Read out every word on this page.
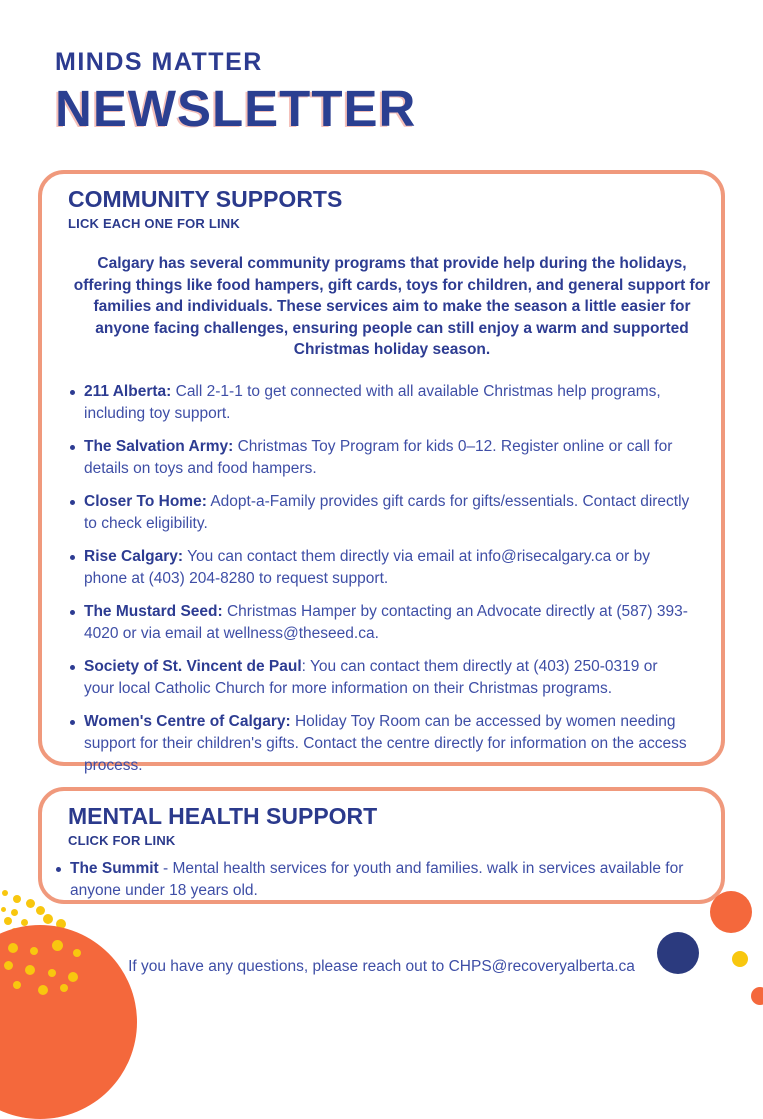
MINDS MATTER
NEWSLETTER
COMMUNITY SUPPORTS
LICK EACH ONE FOR LINK

Calgary has several community programs that provide help during the holidays, offering things like food hampers, gift cards, toys for children, and general support for families and individuals. These services aim to make the season a little easier for anyone facing challenges, ensuring people can still enjoy a warm and supported Christmas holiday season.

211 Alberta: Call 2-1-1 to get connected with all available Christmas help programs, including toy support.
The Salvation Army: Christmas Toy Program for kids 0–12. Register online or call for details on toys and food hampers.
Closer To Home: Adopt-a-Family provides gift cards for gifts/essentials. Contact directly to check eligibility.
Rise Calgary: You can contact them directly via email at info@risecalgary.ca or by phone at (403) 204-8280 to request support.
The Mustard Seed: Christmas Hamper by contacting an Advocate directly at (587) 393-4020 or via email at wellness@theseed.ca.
Society of St. Vincent de Paul: You can contact them directly at (403) 250-0319 or your local Catholic Church for more information on their Christmas programs.
Women's Centre of Calgary: Holiday Toy Room can be accessed by women needing support for their children's gifts. Contact the centre directly for information on the access process.
MENTAL HEALTH SUPPORT
CLICK FOR LINK
The Summit - Mental health services for youth and families. walk in services available for anyone under 18 years old.
If you have any questions, please reach out to CHPS@recoveryalberta.ca
